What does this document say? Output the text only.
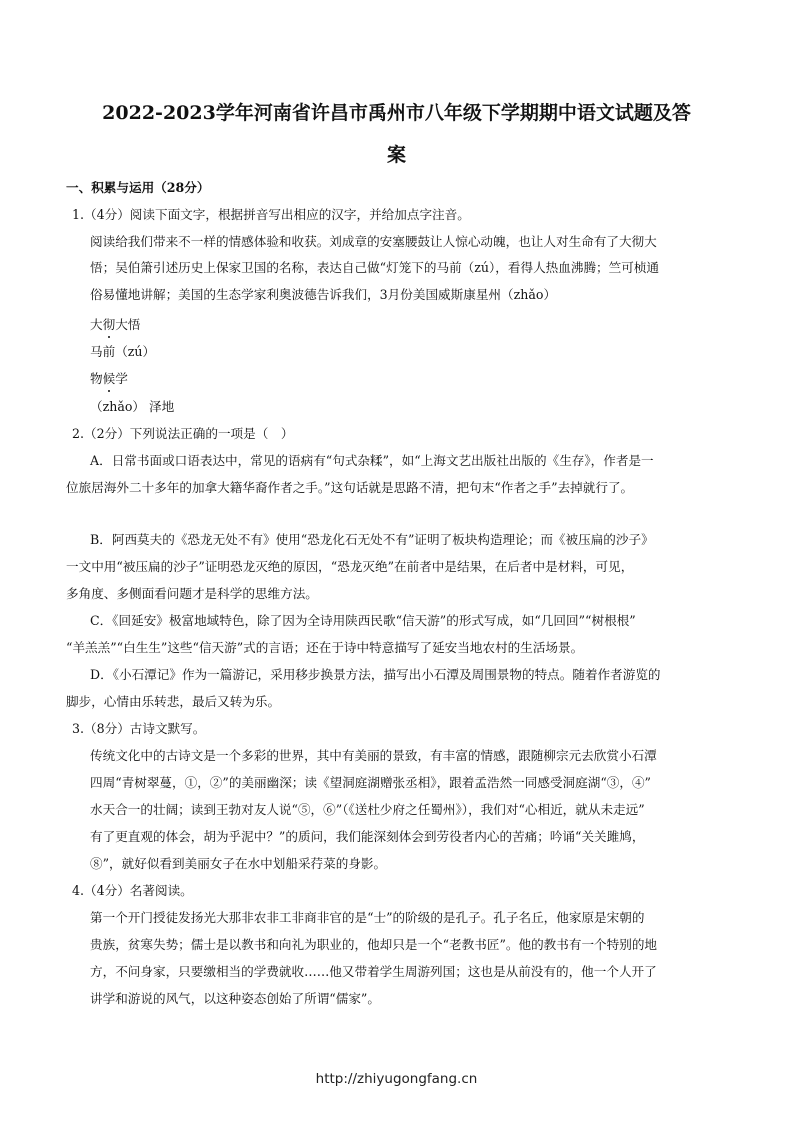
2022-2023学年河南省许昌市禹州市八年级下学期期中语文试题及答
案
一、积累与运用（28分）
1.（4分）阅读下面文字，根据拼音写出相应的汉字，并给加点字注音。
阅读给我们带来不一样的情感体验和收获。刘成章的安塞腰鼓让人惊心动魄，也让人对生命有了大彻大
悟；吴伯箫引述历史上保家卫国的名称，表达自己做“灯笼下的马前（zú），看得人热血沸腾；竺可桢通
俗易懂地讲解；美国的生态学家利奥波德告诉我们，3月份美国威斯康星州（zhǎo）
大彻大悟
马前（zú）
物候学
（zhǎo） 泽地
2.（2分）下列说法正确的一项是（　）
A．日常书面或口语表达中，常见的语病有“句式杂糅”，如“上海文艺出版社出版的《生存》，作者是一
位旅居海外二十多年的加拿大籍华裔作者之手。”这句话就是思路不清，把句末“作者之手”去掉就行了。
B．阿西莫夫的《恐龙无处不有》使用“恐龙化石无处不有”证明了板块构造理论；而《被压扁的沙子》
一文中用“被压扁的沙子”证明恐龙灭绝的原因，“恐龙灭绝”在前者中是结果，在后者中是材料，可见，
多角度、多侧面看问题才是科学的思维方法。
C．《回延安》极富地域特色，除了因为全诗用陕西民歌“信天游”的形式写成，如“几回回”“树根根”
“羊羔羔”“白生生”这些“信天游”式的言语；还在于诗中特意描写了延安当地农村的生活场景。
D．《小石潭记》作为一篇游记，采用移步换景方法，描写出小石潭及周围景物的特点。随着作者游览的
脚步，心情由乐转悲，最后又转为乐。
3.（8分）古诗文默写。
传统文化中的古诗文是一个多彩的世界，其中有美丽的景致，有丰富的情感，跟随柳宗元去欣赏小石潭
四周“青树翠蔓，①，②”的美丽幽深；读《望洞庭湖赠张丞相》，跟着孟浩然一同感受洞庭湖“③，④”
水天合一的壮阔；读到王勃对友人说“⑤，⑥”（《送杜少府之任蜀州》），我们对“心相近，就从未走远”
有了更直观的体会，胡为乎泥中？”的质问，我们能深刻体会到劳役者内心的苦痛；吟诵“关关雎鸠，
⑧”，就好似看到美丽女子在水中划船采荇菜的身影。
4.（4分）名著阅读。
第一个开门授徒发扬光大那非农非工非商非官的是“士”的阶级的是孔子。孔子名丘，他家原是宋朝的
贵族，贫寒失势；儒士是以教书和向礼为职业的，他却只是一个“老教书匠”。他的教书有一个特别的地
方，不问身家，只要缴相当的学费就收……他又带着学生周游列国；这也是从前没有的，他一个人开了
讲学和游说的风气，以这种姿态创始了所谓“儒家”。
http://zhiyugongfang.cn
